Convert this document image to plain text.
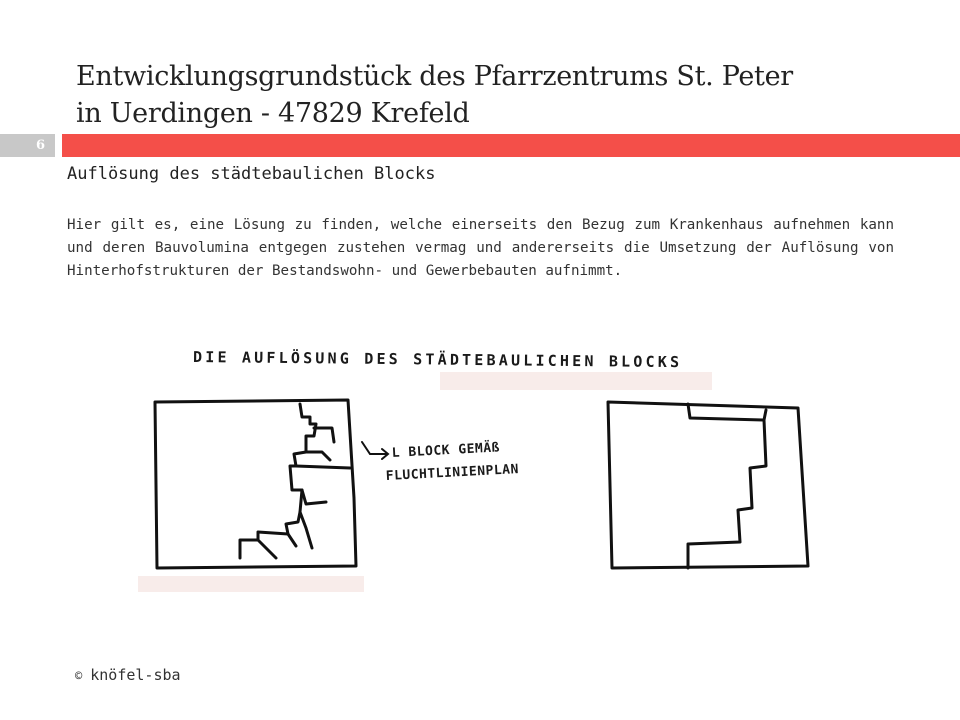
Entwicklungsgrundstück des Pfarrzentrums St. Peter
in Uerdingen - 47829 Krefeld
6
Auflösung des städtebaulichen Blocks
Hier gilt es, eine Lösung zu finden, welche einerseits den Bezug zum Krankenhaus aufnehmen kann und deren Bauvolumina entgegen zustehen vermag und andererseits die Umsetzung der Auflösung von Hinterhofstrukturen der Bestandswohn- und Gewerbebauten aufnimmt.
DIE AUFLÖSUNG DES STÄDTEBAULICHEN BLOCKS
L BLOCK GEMÄß
FLUCHTLINIENPLAN
© knöfel-sba
